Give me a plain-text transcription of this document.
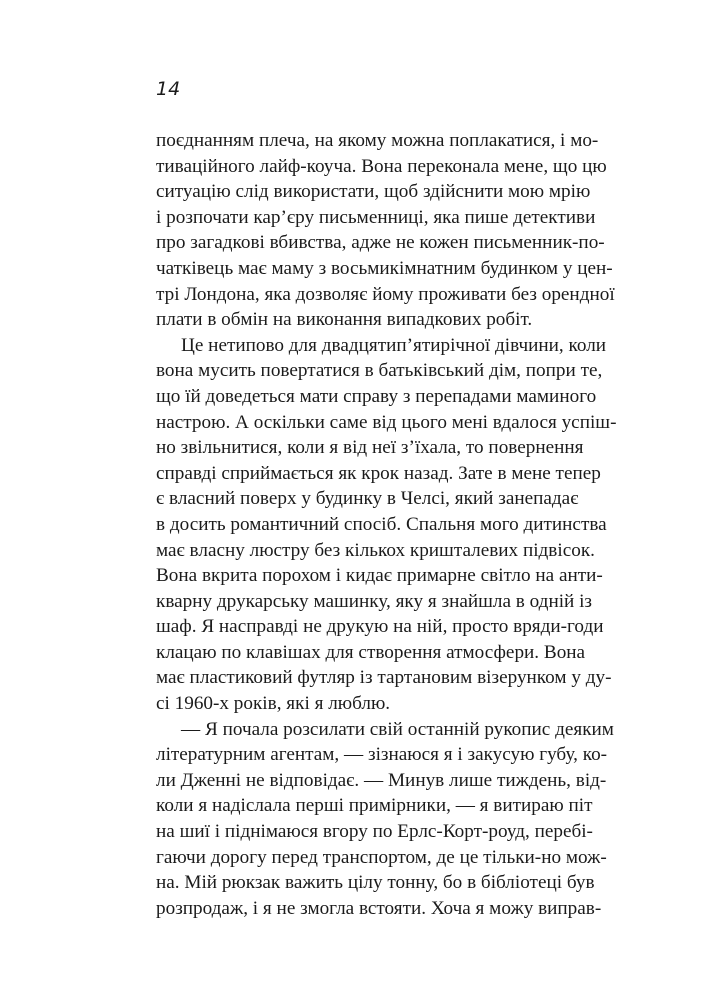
14
поєднанням плеча, на якому можна поплакатися, і мо-
тиваційного лайф-коуча. Вона переконала мене, що цю
ситуацію слід використати, щоб здійснити мою мрію
і розпочати кар’єру письменниці, яка пише детективи
про загадкові вбивства, адже не кожен письменник-по-
чатківець має маму з восьмикімнатним будинком у цен-
трі Лондона, яка дозволяє йому проживати без орендної
плати в обмін на виконання випадкових робіт.
Це нетипово для двадцятип’ятирічної дівчини, коли
вона мусить повертатися в батьківський дім, попри те,
що їй доведеться мати справу з перепадами маминого
настрою. А оскільки саме від цього мені вдалося успіш-
но звільнитися, коли я від неї з’їхала, то повернення
справді сприймається як крок назад. Зате в мене тепер
є власний поверх у будинку в Челсі, який занепадає
в досить романтичний спосіб. Спальня мого дитинства
має власну люстру без кількох кришталевих підвісок.
Вона вкрита порохом і кидає примарне світло на анти-
кварну друкарську машинку, яку я знайшла в одній із
шаф. Я насправді не друкую на ній, просто вряди-годи
клацаю по клавішах для створення атмосфери. Вона
має пластиковий футляр із тартановим візерунком у ду-
сі 1960-х років, які я люблю.
— Я почала розсилати свій останній рукопис деяким
літературним агентам, — зізнаюся я і закусую губу, ко-
ли Дженні не відповідає. — Минув лише тиждень, від-
коли я надіслала перші примірники, — я витираю піт
на шиї і піднімаюся вгору по Ерлс-Корт-роуд, перебі-
гаючи дорогу перед транспортом, де це тільки-но мож-
на. Мій рюкзак важить цілу тонну, бо в бібліотеці був
розпродаж, і я не змогла встояти. Хоча я можу виправ-
